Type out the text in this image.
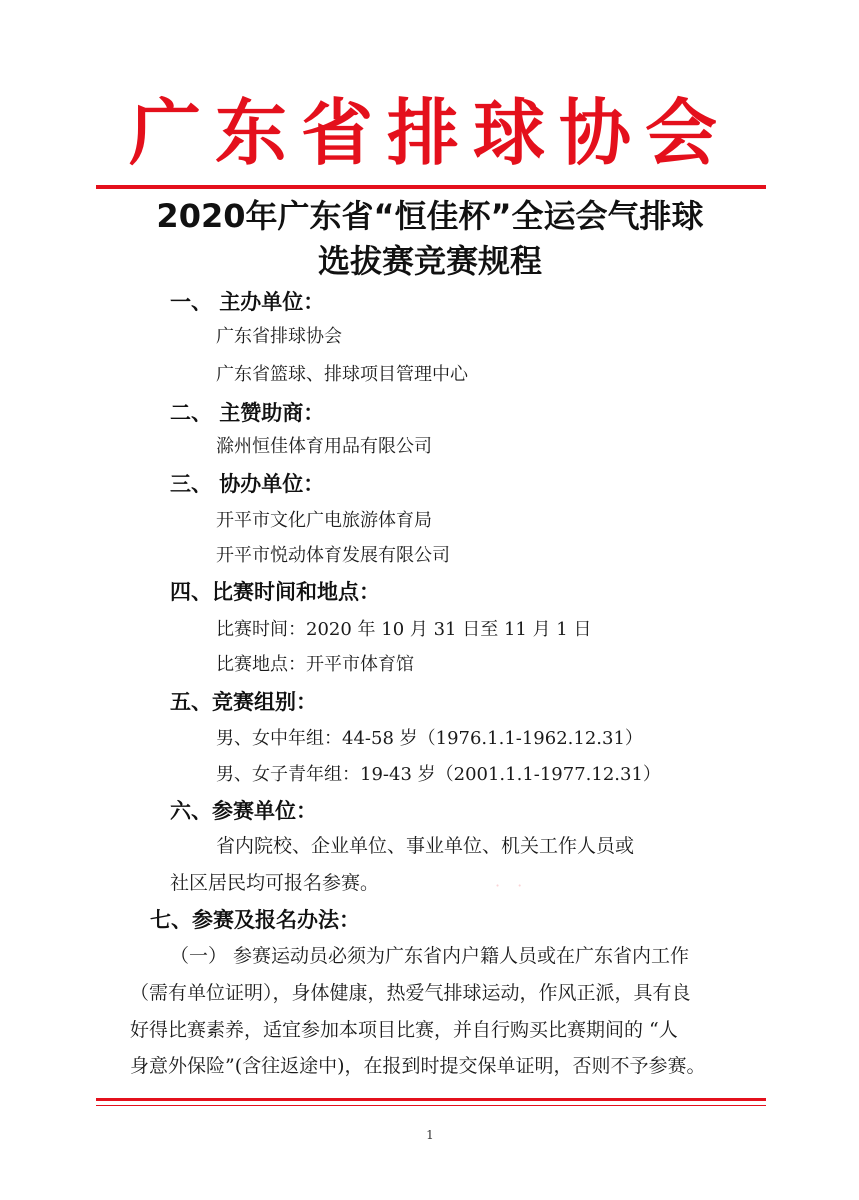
广东省排球协会
2020年广东省“恒佳杯”全运会气排球
选拔赛竞赛规程
一、 主办单位：
广东省排球协会
广东省篮球、排球项目管理中心
二、 主赞助商：
滁州恒佳体育用品有限公司
三、 协办单位：
开平市文化广电旅游体育局
开平市悦动体育发展有限公司
四、比赛时间和地点：
比赛时间：2020 年 10 月 31 日至 11 月 1 日
比赛地点：开平市体育馆
五、竞赛组别：
男、女中年组：44-58 岁（1976.1.1-1962.12.31）
男、女子青年组：19-43 岁（2001.1.1-1977.12.31）
六、参赛单位：
省内院校、企业单位、事业单位、机关工作人员或
社区居民均可报名参赛。	· ·
七、参赛及报名办法：
（一） 参赛运动员必须为广东省内户籍人员或在广东省内工作
（需有单位证明），身体健康，热爱气排球运动，作风正派，具有良
好得比赛素养，适宜参加本项目比赛，并自行购买比赛期间的 “人
身意外保险”(含往返途中)，在报到时提交保单证明，否则不予参赛。
1
